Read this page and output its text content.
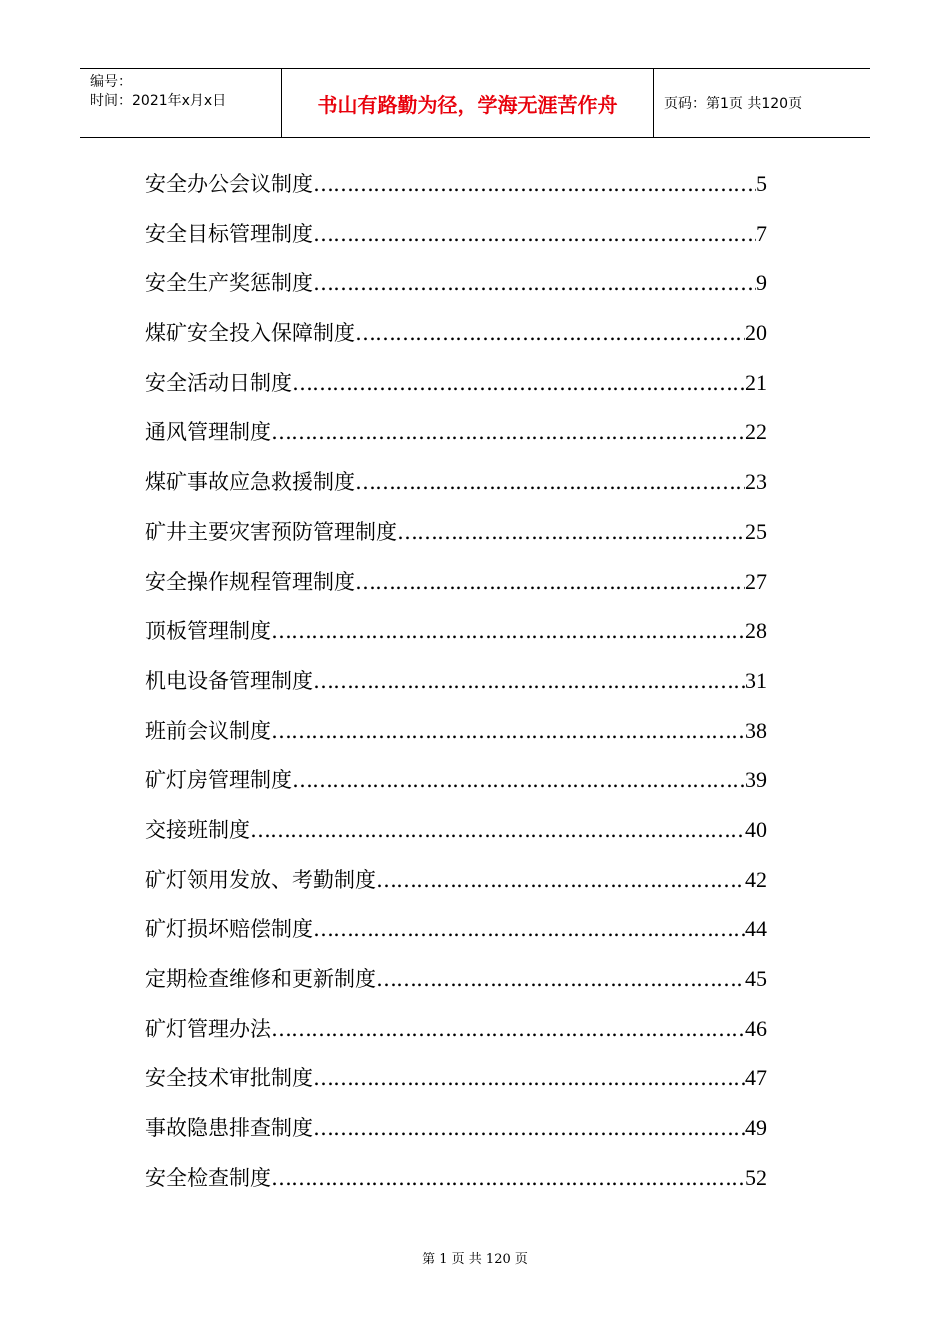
编号：
时间：2021年x月x日	书山有路勤为径，学海无涯苦作舟	页码：第1页 共120页
安全办公会议制度 ……………………………………………………………………………………………………………………………………………………	5
安全目标管理制度 ……………………………………………………………………………………………………………………………………………………	7
安全生产奖惩制度 ……………………………………………………………………………………………………………………………………………………	9
煤矿安全投入保障制度 ……………………………………………………………………………………………………………………………………………………	20
安全活动日制度 ……………………………………………………………………………………………………………………………………………………	21
通风管理制度 ……………………………………………………………………………………………………………………………………………………	22
煤矿事故应急救援制度 ……………………………………………………………………………………………………………………………………………………	23
矿井主要灾害预防管理制度 ……………………………………………………………………………………………………………………………………………………	25
安全操作规程管理制度 ……………………………………………………………………………………………………………………………………………………	27
顶板管理制度 ……………………………………………………………………………………………………………………………………………………	28
机电设备管理制度 ……………………………………………………………………………………………………………………………………………………	31
班前会议制度 ……………………………………………………………………………………………………………………………………………………	38
矿灯房管理制度 ……………………………………………………………………………………………………………………………………………………	39
交接班制度 ……………………………………………………………………………………………………………………………………………………	40
矿灯领用发放、考勤制度 ……………………………………………………………………………………………………………………………………………………	42
矿灯损坏赔偿制度 ……………………………………………………………………………………………………………………………………………………	44
定期检查维修和更新制度 ……………………………………………………………………………………………………………………………………………………	45
矿灯管理办法 ……………………………………………………………………………………………………………………………………………………	46
安全技术审批制度 ……………………………………………………………………………………………………………………………………………………	47
事故隐患排查制度 ……………………………………………………………………………………………………………………………………………………	49
安全检查制度 ……………………………………………………………………………………………………………………………………………………	52
第 1 页 共 120 页
